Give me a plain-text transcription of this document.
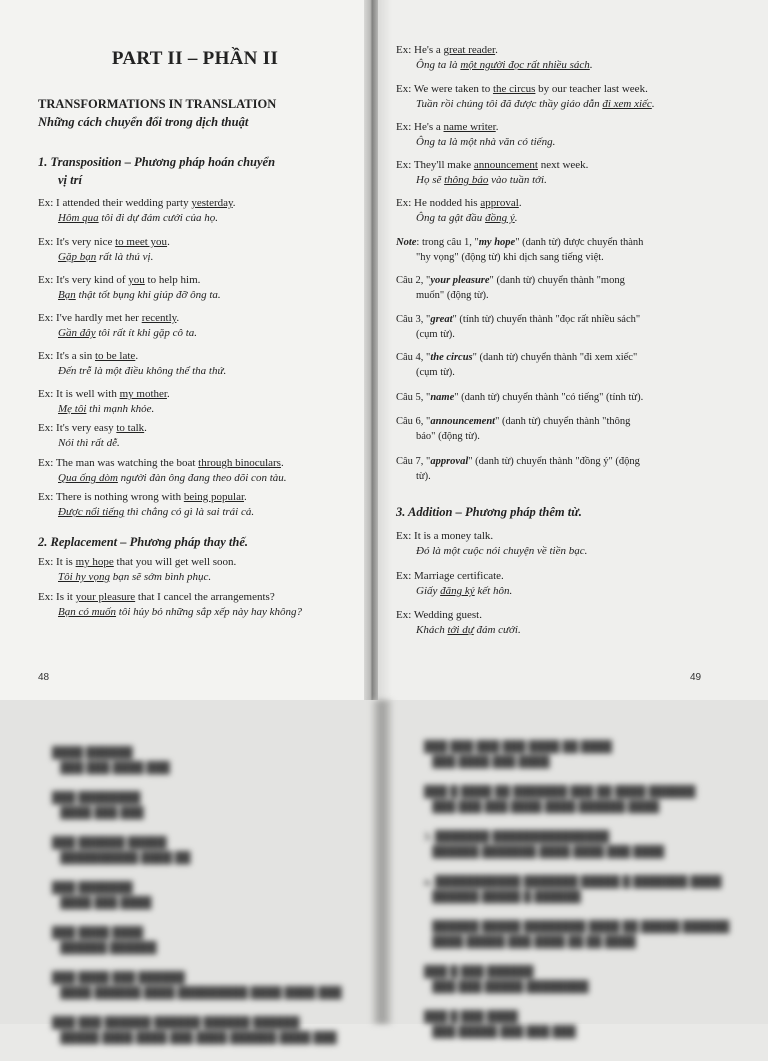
PART II – PHẦN II
TRANSFORMATIONS IN TRANSLATION
Những cách chuyển đổi trong dịch thuật
1. Transposition – Phương pháp hoán chuyển
vị trí
2. Replacement – Phương pháp thay thế.
48
3. Addition – Phương pháp thêm từ.
49
Ex: I attended their wedding party yesterday.
Hôm qua tôi đi dự đám cưới của họ.
Ex: It's very nice to meet you.
Gặp bạn rất là thú vị.
Ex: It's very kind of you to help him.
Bạn thật tốt bụng khi giúp đỡ ông ta.
Ex: I've hardly met her recently.
Gần đây tôi rất ít khi gặp cô ta.
Ex: It's a sin to be late.
Đến trễ là một điều không thể tha thứ.
Ex: It is well with my mother.
Mẹ tôi thì mạnh khỏe.
Ex: It's very easy to talk.
Nói thì rất dễ.
Ex: The man was watching the boat through binoculars.
Qua ống dòm người đàn ông đang theo dõi con tàu.
Ex: There is nothing wrong with being popular.
Được nổi tiếng thì chẳng có gì là sai trái cả.
Ex: It is my hope that you will get well soon.
Tôi hy vọng bạn sẽ sớm bình phục.
Ex: Is it your pleasure that I cancel the arrangements?
Bạn có muốn tôi hủy bỏ những sắp xếp này hay không?
Ex: He's a great reader.
Ông ta là một người đọc rất nhiều sách.
Ex: We were taken to the circus by our teacher last week.
Tuần rồi chúng tôi đã được thầy giáo dẫn đi xem xiếc.
Ex: He's a name writer.
Ông ta là một nhà văn có tiếng.
Ex: They'll make announcement next week.
Họ sẽ thông báo vào tuần tới.
Ex: He nodded his approval.
Ông ta gật đầu đồng ý.
Note: trong câu 1, "my hope" (danh từ) được chuyển thành
"hy vọng" (động từ) khi dịch sang tiếng việt.
Câu 2, "your pleasure" (danh từ) chuyển thành "mong
muốn" (động từ).
Câu 3, "great" (tính từ) chuyển thành "đọc rất nhiều sách"
(cụm từ).
Câu 4, "the circus" (danh từ) chuyển thành "đi xem xiếc"
(cụm từ).
Câu 5, "name" (danh từ) chuyển thành "có tiếng" (tính từ).
Câu 6, "announcement" (danh từ) chuyển thành "thông
báo" (động từ).
Câu 7, "approval" (danh từ) chuyển thành "đồng ý" (động
từ).
Ex: It is a money talk.
Đó là một cuộc nói chuyện về tiền bạc.
Ex: Marriage certificate.
Giấy đăng ký kết hôn.
Ex: Wedding guest.
Khách tới dự đám cưới.
████ ██████
███ ███ ████ ███
███ ████████
████ ███ ███
███ ██████ █████
██████████ ████ ██
███ ███████
████ ███ ████
███ ████ ████
██████ ██████
███ ████ ███ ██████
████ ██████ ████ █████████ ████ ████ ███
███ ███ ██████ ██████ ██████ ██████
█████ ████ ████ ███ ████ ██████ ████ ███
███ ███ ███ ███ ████ ██ ████
███ ████ ███ ████
███ █ ████ ██ ███████ ███ ██ ████ ██████
███ ███ ███ ████ ████ ██████ ████
3. ███████ ███████████████
██████ ███████ ████ ████ ███ ████
a. ███████████ ███████ █████ █ ███████ ████
██████ █████ █ ██████
██████ █████ ████████ ████ ██ █████ ██████
████ █████ ███ ████ ██ ██ ████
███ █ ███ ██████
███ ███ █████ ████████
███ █ ███ ████
███ █████ ███ ███ ███
